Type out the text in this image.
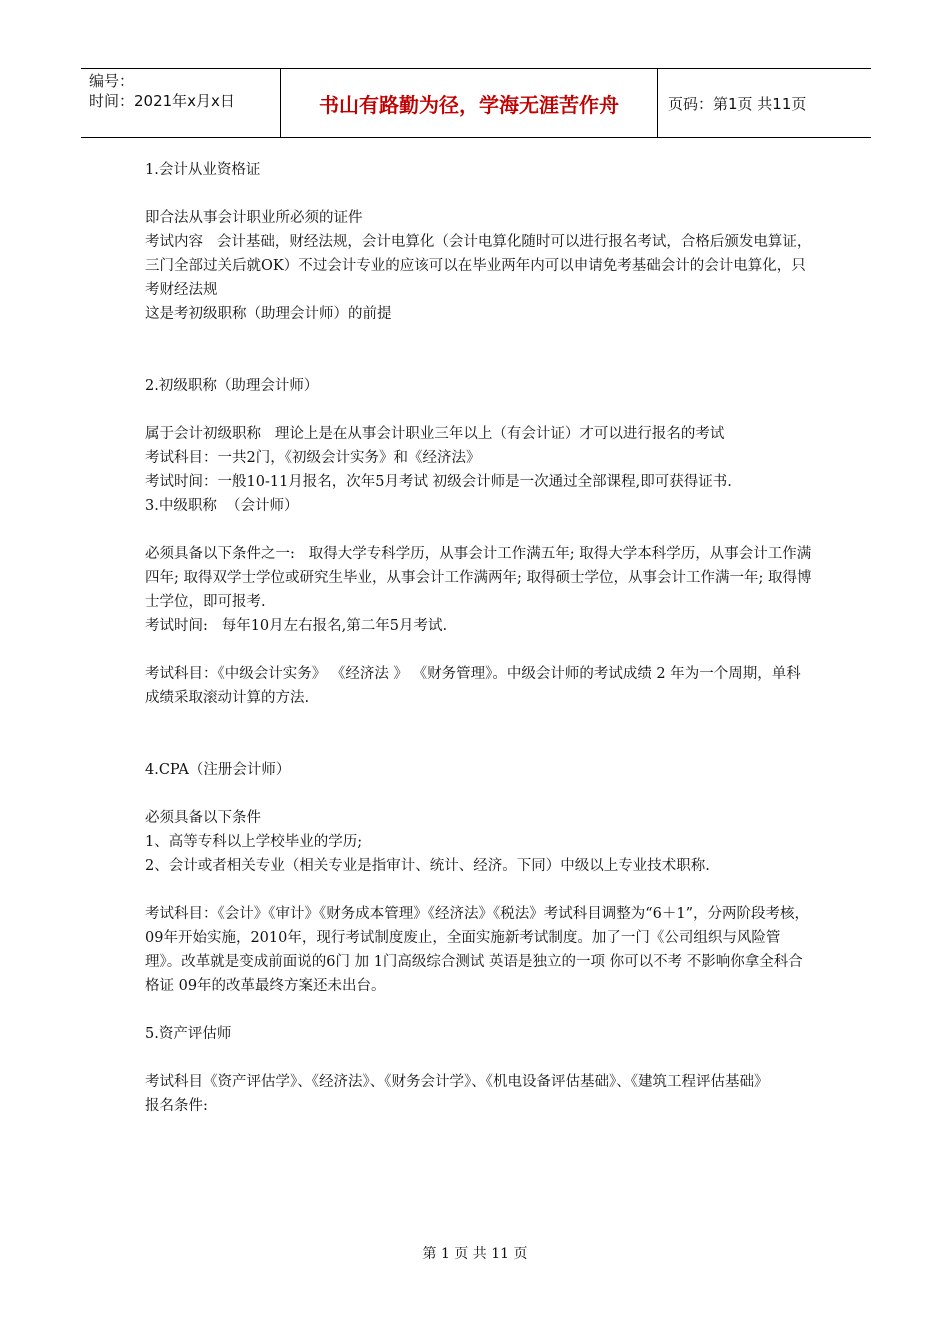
编号：
时间：2021年x月x日	书山有路勤为径，学海无涯苦作舟	页码：第1页 共11页

1.会计从业资格证

即合法从事会计职业所必须的证件

考试内容   会计基础，财经法规，会计电算化（会计电算化随时可以进行报名考试，合格后颁发电算证，三门全部过关后就OK）不过会计专业的应该可以在毕业两年内可以申请免考基础会计的会计电算化，只考财经法规

这是考初级职称（助理会计师）的前提

2.初级职称（助理会计师）

属于会计初级职称   理论上是在从事会计职业三年以上（有会计证）才可以进行报名的考试

考试科目：一共2门，《初级会计实务》和《经济法》

考试时间：一般10-11月报名，次年5月考试 初级会计师是一次通过全部课程,即可获得证书.

3.中级职称  （会计师）

必须具备以下条件之一:   取得大学专科学历，从事会计工作满五年; 取得大学本科学历，从事会计工作满四年; 取得双学士学位或研究生毕业，从事会计工作满两年; 取得硕士学位，从事会计工作满一年; 取得博士学位，即可报考.

考试时间:   每年10月左右报名,第二年5月考试.

考试科目：《中级会计实务》 《经济法 》 《财务管理》。中级会计师的考试成绩 2 年为一个周期，单科成绩采取滚动计算的方法.

4.CPA（注册会计师）

必须具备以下条件

1、高等专科以上学校毕业的学历;

2、会计或者相关专业（相关专业是指审计、统计、经济。下同）中级以上专业技术职称.

考试科目：《会计》《审计》《财务成本管理》《经济法》《税法》考试科目调整为“6＋1”，分两阶段考核，09年开始实施，2010年，现行考试制度废止，全面实施新考试制度。加了一门《公司组织与风险管理》。改革就是变成前面说的6门 加 1门高级综合测试 英语是独立的一项 你可以不考 不影响你拿全科合格证 09年的改革最终方案还未出台。

5.资产评估师

考试科目《资产评估学》、《经济法》、《财务会计学》、《机电设备评估基础》、《建筑工程评估基础》

报名条件:

第 1 页 共 11 页
